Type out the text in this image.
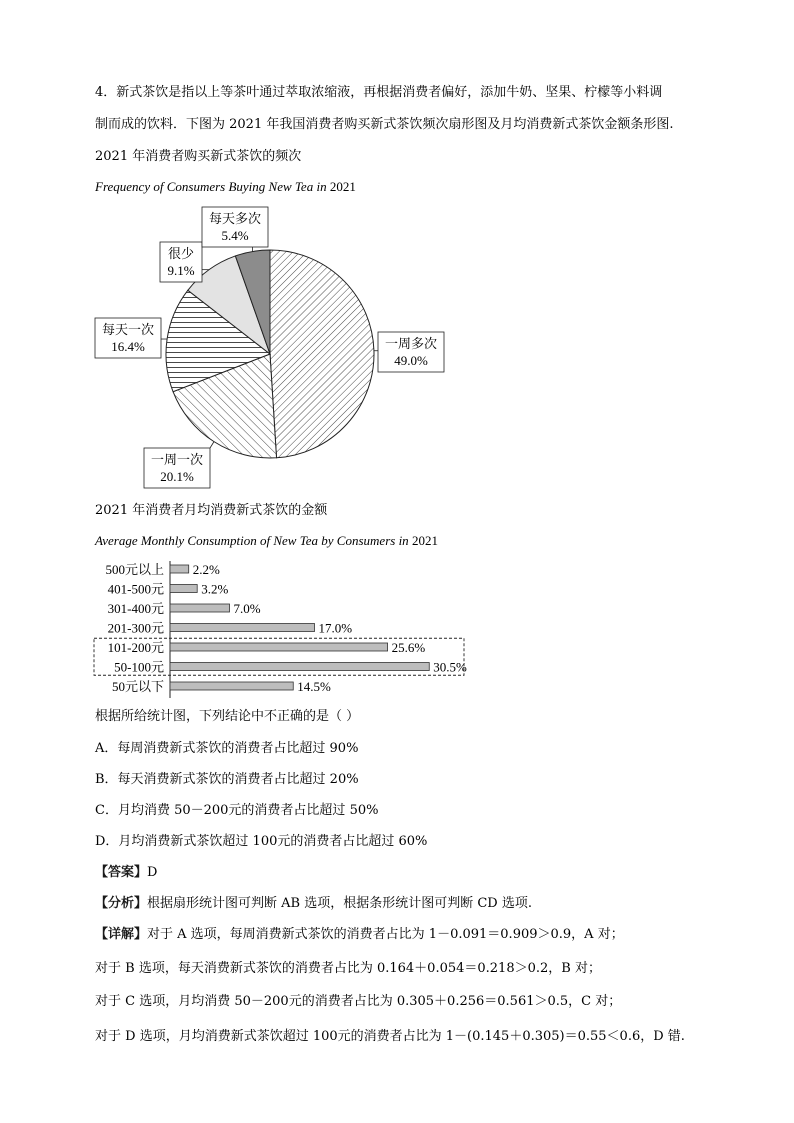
4．新式茶饮是指以上等茶叶通过萃取浓缩液，再根据消费者偏好，添加牛奶、坚果、柠檬等小料调
制而成的饮料．下图为 2021 年我国消费者购买新式茶饮频次扇形图及月均消费新式茶饮金额条形图.
2021 年消费者购买新式茶饮的频次
Frequency of Consumers Buying New Tea in 2021
一周多次
49.0%
一周一次
20.1%
每天一次
16.4%
很少
9.1%
每天多次
5.4%
2021 年消费者月均消费新式茶饮的金额
Average Monthly Consumption of New Tea by Consumers in 2021
500元以上 2.2%
401-500元	3.2%
301-400元	7.0%
201-300元	17.0%
101-200元	25.6%
50-100元	30.5%
50元以下	14.5%
根据所给统计图，下列结论中不正确的是（ ）
A．每周消费新式茶饮的消费者占比超过 90%
B．每天消费新式茶饮的消费者占比超过 20%
C．月均消费 50－200元的消费者占比超过 50%
D．月均消费新式茶饮超过 100元的消费者占比超过 60%
【答案】D
【分析】根据扇形统计图可判断 AB 选项，根据条形统计图可判断 CD 选项.
【详解】对于 A 选项，每周消费新式茶饮的消费者占比为 1－0.091＝0.909＞0.9，A 对；
对于 B 选项，每天消费新式茶饮的消费者占比为 0.164＋0.054＝0.218＞0.2，B 对；
对于 C 选项，月均消费 50－200元的消费者占比为 0.305＋0.256＝0.561＞0.5，C 对；
对于 D 选项，月均消费新式茶饮超过 100元的消费者占比为 1－(0.145＋0.305)＝0.55＜0.6，D 错.
